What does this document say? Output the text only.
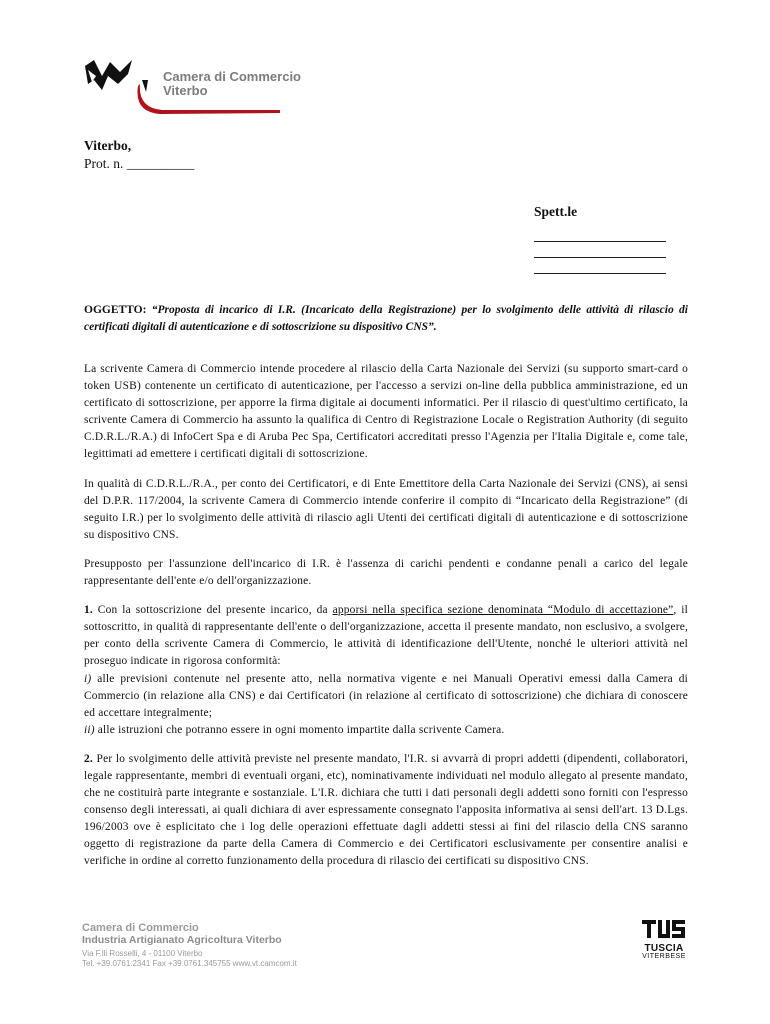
Camera di Commercio
Viterbo
Viterbo,
Prot. n. __________
Spett.le
OGGETTO: “Proposta di incarico di I.R. (Incaricato della Registrazione) per lo svolgimento delle attività di rilascio di certificati digitali di autenticazione e di sottoscrizione su dispositivo CNS”.

La scrivente Camera di Commercio intende procedere al rilascio della Carta Nazionale dei Servizi (su supporto smart-card o token USB) contenente un certificato di autenticazione, per l'accesso a servizi on-line della pubblica amministrazione, ed un certificato di sottoscrizione, per apporre la firma digitale ai documenti informatici. Per il rilascio di quest'ultimo certificato, la scrivente Camera di Commercio ha assunto la qualifica di Centro di Registrazione Locale o Registration Authority (di seguito C.D.R.L./R.A.) di InfoCert Spa e di Aruba Pec Spa, Certificatori accreditati presso l'Agenzia per l'Italia Digitale e, come tale, legittimati ad emettere i certificati digitali di sottoscrizione.

In qualità di C.D.R.L./R.A., per conto dei Certificatori, e di Ente Emettitore della Carta Nazionale dei Servizi (CNS), ai sensi del D.P.R. 117/2004, la scrivente Camera di Commercio intende conferire il compito di “Incaricato della Registrazione” (di seguito I.R.) per lo svolgimento delle attività di rilascio agli Utenti dei certificati digitali di autenticazione e di sottoscrizione su dispositivo CNS.

Presupposto per l'assunzione dell'incarico di I.R. è l'assenza di carichi pendenti e condanne penali a carico del legale rappresentante dell'ente e/o dell'organizzazione.

1. Con la sottoscrizione del presente incarico, da apporsi nella specifica sezione denominata “Modulo di accettazione”, il sottoscritto, in qualità di rappresentante dell'ente o dell'organizzazione, accetta il presente mandato, non esclusivo, a svolgere, per conto della scrivente Camera di Commercio, le attività di identificazione dell'Utente, nonché le ulteriori attività nel proseguo indicate in rigorosa conformità:
i) alle previsioni contenute nel presente atto, nella normativa vigente e nei Manuali Operativi emessi dalla Camera di Commercio (in relazione alla CNS) e dai Certificatori (in relazione al certificato di sottoscrizione) che dichiara di conoscere ed accettare integralmente;
ii) alle istruzioni che potranno essere in ogni momento impartite dalla scrivente Camera.

2. Per lo svolgimento delle attività previste nel presente mandato, l'I.R. si avvarrà di propri addetti (dipendenti, collaboratori, legale rappresentante, membri di eventuali organi, etc), nominativamente individuati nel modulo allegato al presente mandato, che ne costituirà parte integrante e sostanziale. L'I.R. dichiara che tutti i dati personali degli addetti sono forniti con l'espresso consenso degli interessati, ai quali dichiara di aver espressamente consegnato l'apposita informativa ai sensi dell'art. 13 D.Lgs. 196/2003 ove è esplicitato che i log delle operazioni effettuate dagli addetti stessi ai fini del rilascio della CNS saranno oggetto di registrazione da parte della Camera di Commercio e dei Certificatori esclusivamente per consentire analisi e verifiche in ordine al corretto funzionamento della procedura di rilascio dei certificati su dispositivo CNS.

Camera di Commercio
Industria Artigianato Agricoltura Viterbo
Via F.lli Rosselli, 4 - 01100 Viterbo
Tel. +39.0761.2341 Fax +39.0761.345755 www.vt.camcom.it
TUSCIA
VITERBESE
